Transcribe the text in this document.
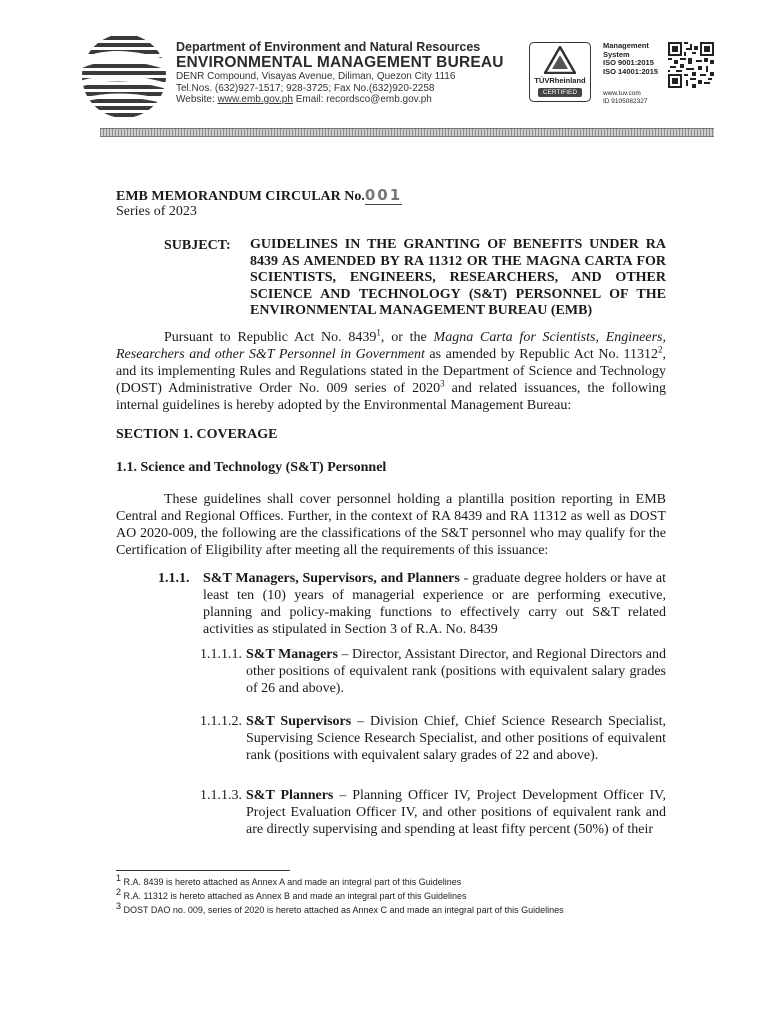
Department of Environment and Natural Resources
ENVIRONMENTAL MANAGEMENT BUREAU
DENR Compound, Visayas Avenue, Diliman, Quezon City 1116
Tel.Nos. (632)927-1517; 928-3725; Fax No.(632)920-2258
Website: www.emb.gov.ph Email: recordsco@emb.gov.ph
TÜVRheinland
CERTIFIED
Management
System
ISO 9001:2015
ISO 14001:2015
www.tuv.com
ID 9105082327
EMB MEMORANDUM CIRCULAR No.001
Series of 2023
SUBJECT:	GUIDELINES IN THE GRANTING OF BENEFITS UNDER RA 8439 AS AMENDED BY RA 11312 OR THE MAGNA CARTA FOR SCIENTISTS, ENGINEERS, RESEARCHERS, AND OTHER SCIENCE AND TECHNOLOGY (S&T) PERSONNEL OF THE ENVIRONMENTAL MANAGEMENT BUREAU (EMB)
Pursuant to Republic Act No. 8439$^1$, or the Magna Carta for Scientists, Engineers, Researchers and other S&T Personnel in Government as amended by Republic Act No. 11312$^2$, and its implementing Rules and Regulations stated in the Department of Science and Technology (DOST) Administrative Order No. 009 series of 2020$^3$ and related issuances, the following internal guidelines is hereby adopted by the Environmental Management Bureau:
SECTION 1. COVERAGE
1.1. Science and Technology (S&T) Personnel
These guidelines shall cover personnel holding a plantilla position reporting in EMB Central and Regional Offices. Further, in the context of RA 8439 and RA 11312 as well as DOST AO 2020-009, the following are the classifications of the S&T personnel who may qualify for the Certification of Eligibility after meeting all the requirements of this issuance:
1.1.1. S&T Managers, Supervisors, and Planners - graduate degree holders or have at least ten (10) years of managerial experience or are performing executive, planning and policy-making functions to effectively carry out S&T related activities as stipulated in Section 3 of R.A. No. 8439
1.1.1.1. S&T Managers – Director, Assistant Director, and Regional Directors and other positions of equivalent rank (positions with equivalent salary grades of 26 and above).
1.1.1.2. S&T Supervisors – Division Chief, Chief Science Research Specialist, Supervising Science Research Specialist, and other positions of equivalent rank (positions with equivalent salary grades of 22 and above).
1.1.1.3. S&T Planners – Planning Officer IV, Project Development Officer IV, Project Evaluation Officer IV, and other positions of equivalent rank and are directly supervising and spending at least fifty percent (50%) of their
$^1$ R.A. 8439 is hereto attached as Annex A and made an integral part of this Guidelines
$^2$ R.A. 11312 is hereto attached as Annex B and made an integral part of this Guidelines
$^3$ DOST DAO no. 009, series of 2020 is hereto attached as Annex C and made an integral part of this Guidelines
